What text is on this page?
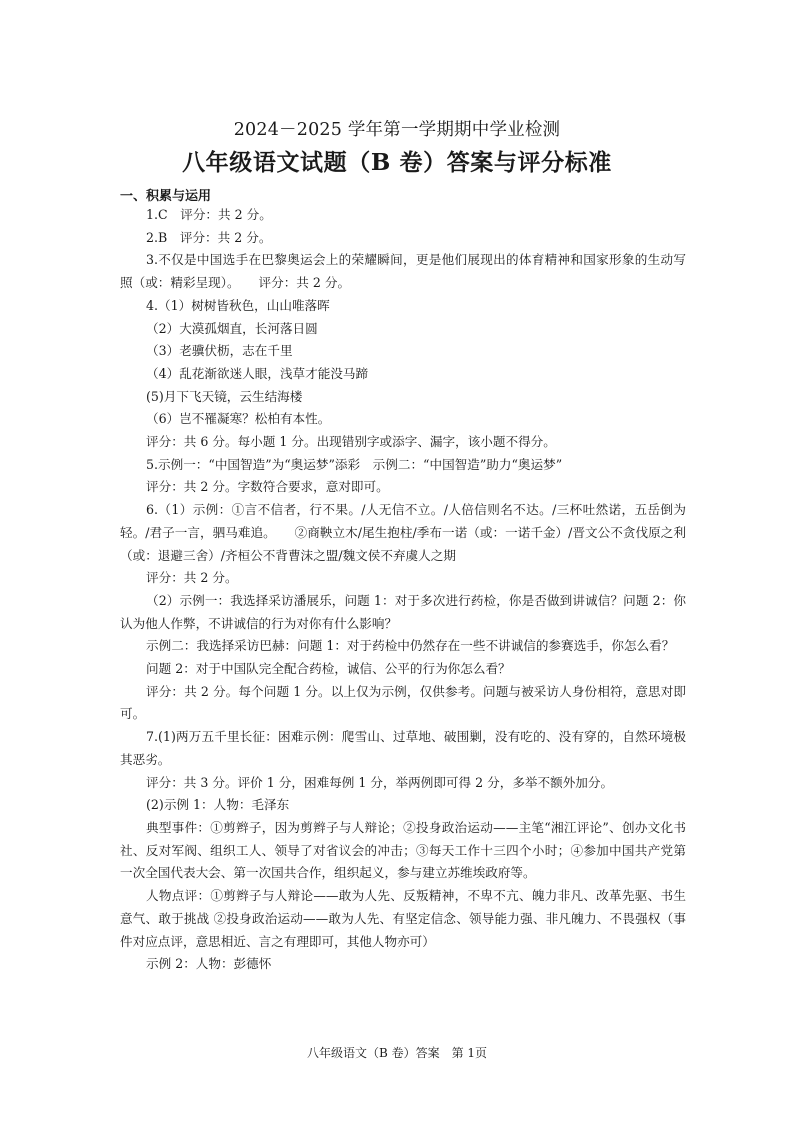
2024－2025 学年第一学期期中学业检测
八年级语文试题（B 卷）答案与评分标准
一、积累与运用

1.C　评分：共 2 分。

2.B　评分：共 2 分。

3.不仅是中国选手在巴黎奥运会上的荣耀瞬间，更是他们展现出的体育精神和国家形象的生动写照（或：精彩呈现）。　　评分：共 2 分。

4.（1）树树皆秋色，山山唯落晖

（2）大漠孤烟直，长河落日圆

（3）老骥伏枥，志在千里

（4）乱花渐欲迷人眼，浅草才能没马蹄

(5)月下飞天镜，云生结海楼

（6）岂不罹凝寒？松柏有本性。

评分：共 6 分。每小题 1 分。出现错别字或添字、漏字，该小题不得分。

5.示例一：“中国智造”为“奥运梦”添彩　示例二：“中国智造”助力“奥运梦”

评分：共 2 分。字数符合要求，意对即可。

6.（1）示例：①言不信者，行不果。/人无信不立。/人倍信则名不达。/三杯吐然诺，五岳倒为轻。/君子一言，驷马难追。　　②商鞅立木/尾生抱柱/季布一诺（或：一诺千金）/晋文公不贪伐原之利（或：退避三舍）/齐桓公不背曹沫之盟/魏文侯不弃虞人之期

评分：共 2 分。

（2）示例一：我选择采访潘展乐，问题 1：对于多次进行药检，你是否做到讲诚信？问题 2：你认为他人作弊，不讲诚信的行为对你有什么影响？

示例二：我选择采访巴赫：问题 1：对于药检中仍然存在一些不讲诚信的参赛选手，你怎么看？

问题 2：对于中国队完全配合药检，诚信、公平的行为你怎么看？

评分：共 2 分。每个问题 1 分。以上仅为示例，仅供参考。问题与被采访人身份相符，意思对即可。

7.(1)两万五千里长征：困难示例：爬雪山、过草地、破围剿，没有吃的、没有穿的，自然环境极其恶劣。

评分：共 3 分。评价 1 分，困难每例 1 分，举两例即可得 2 分，多举不额外加分。

(2)示例 1：人物：毛泽东

典型事件：①剪辫子，因为剪辫子与人辩论；②投身政治运动——主笔“湘江评论”、创办文化书社、反对军阀、组织工人、领导了对省议会的冲击；③每天工作十三四个小时；④参加中国共产党第一次全国代表大会、第一次国共合作，组织起义，参与建立苏维埃政府等。

人物点评：①剪辫子与人辩论——敢为人先、反叛精神，不卑不亢、魄力非凡、改革先驱、书生意气、敢于挑战 ②投身政治运动——敢为人先、有坚定信念、领导能力强、非凡魄力、不畏强权（事件对应点评，意思相近、言之有理即可，其他人物亦可）

示例 2：人物：彭德怀

八年级语文（B 卷）答案　第 1页
